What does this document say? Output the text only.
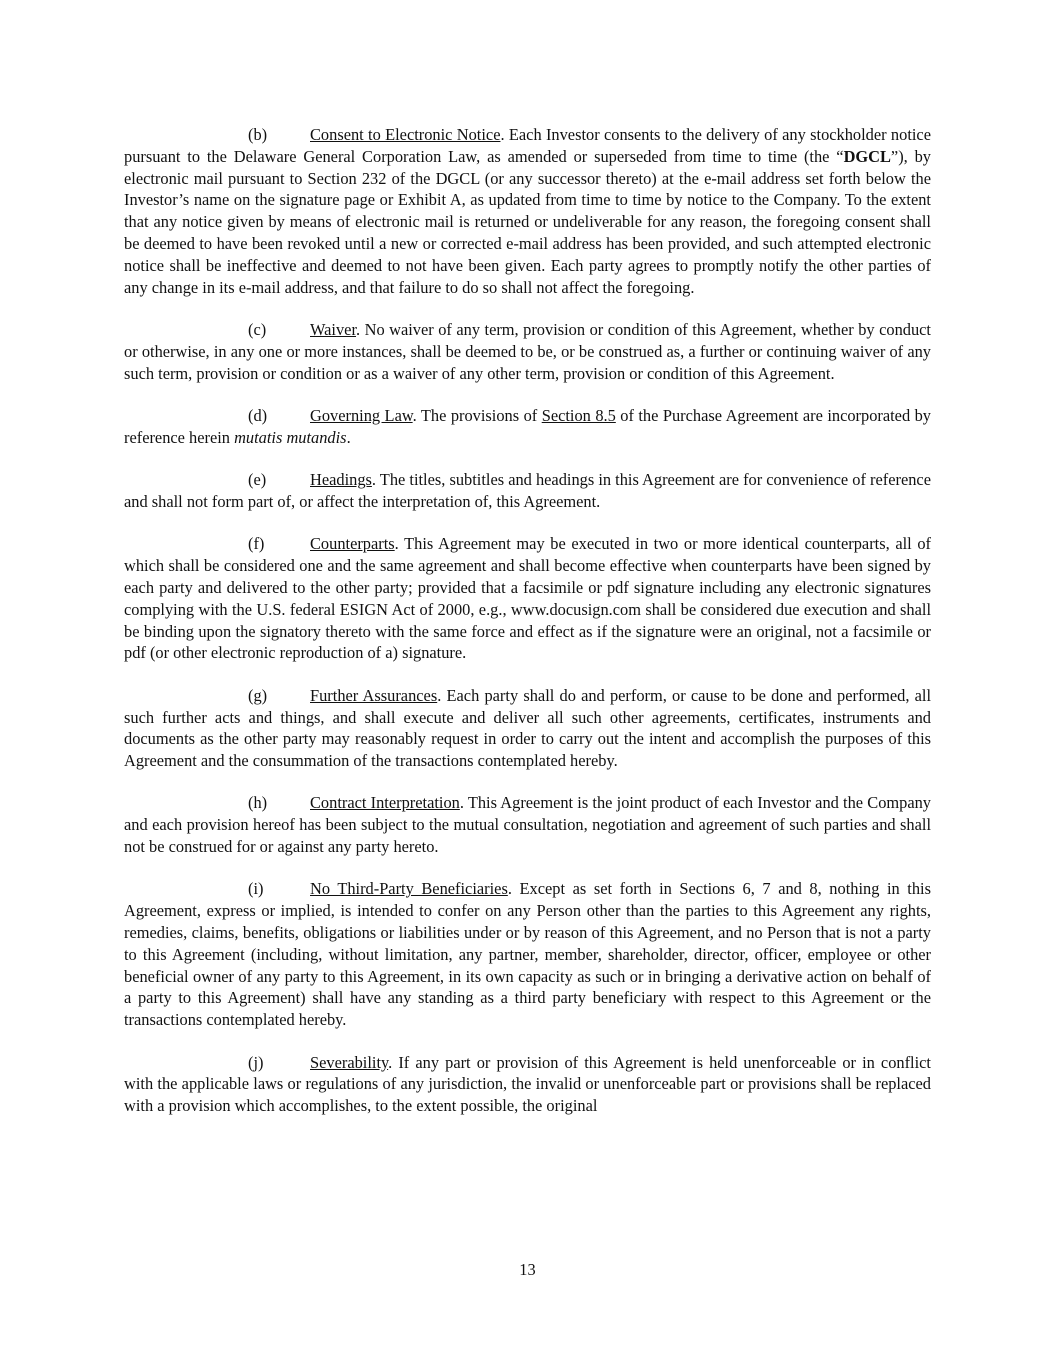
(b)	Consent to Electronic Notice. Each Investor consents to the delivery of any stockholder notice pursuant to the Delaware General Corporation Law, as amended or superseded from time to time (the “DGCL”), by electronic mail pursuant to Section 232 of the DGCL (or any successor thereto) at the e-mail address set forth below the Investor’s name on the signature page or Exhibit A, as updated from time to time by notice to the Company. To the extent that any notice given by means of electronic mail is returned or undeliverable for any reason, the foregoing consent shall be deemed to have been revoked until a new or corrected e-mail address has been provided, and such attempted electronic notice shall be ineffective and deemed to not have been given. Each party agrees to promptly notify the other parties of any change in its e-mail address, and that failure to do so shall not affect the foregoing.

(c)	Waiver. No waiver of any term, provision or condition of this Agreement, whether by conduct or otherwise, in any one or more instances, shall be deemed to be, or be construed as, a further or continuing waiver of any such term, provision or condition or as a waiver of any other term, provision or condition of this Agreement.

(d)	Governing Law. The provisions of Section 8.5 of the Purchase Agreement are incorporated by reference herein mutatis mutandis.

(e)	Headings. The titles, subtitles and headings in this Agreement are for convenience of reference and shall not form part of, or affect the interpretation of, this Agreement.

(f)	Counterparts. This Agreement may be executed in two or more identical counterparts, all of which shall be considered one and the same agreement and shall become effective when counterparts have been signed by each party and delivered to the other party; provided that a facsimile or pdf signature including any electronic signatures complying with the U.S. federal ESIGN Act of 2000, e.g., www.docusign.com shall be considered due execution and shall be binding upon the signatory thereto with the same force and effect as if the signature were an original, not a facsimile or pdf (or other electronic reproduction of a) signature.

(g)	Further Assurances. Each party shall do and perform, or cause to be done and performed, all such further acts and things, and shall execute and deliver all such other agreements, certificates, instruments and documents as the other party may reasonably request in order to carry out the intent and accomplish the purposes of this Agreement and the consummation of the transactions contemplated hereby.

(h)	Contract Interpretation. This Agreement is the joint product of each Investor and the Company and each provision hereof has been subject to the mutual consultation, negotiation and agreement of such parties and shall not be construed for or against any party hereto.

(i)	No Third-Party Beneficiaries. Except as set forth in Sections 6, 7 and 8, nothing in this Agreement, express or implied, is intended to confer on any Person other than the parties to this Agreement any rights, remedies, claims, benefits, obligations or liabilities under or by reason of this Agreement, and no Person that is not a party to this Agreement (including, without limitation, any partner, member, shareholder, director, officer, employee or other beneficial owner of any party to this Agreement, in its own capacity as such or in bringing a derivative action on behalf of a party to this Agreement) shall have any standing as a third party beneficiary with respect to this Agreement or the transactions contemplated hereby.

(j)	Severability. If any part or provision of this Agreement is held unenforceable or in conflict with the applicable laws or regulations of any jurisdiction, the invalid or unenforceable part or provisions shall be replaced with a provision which accomplishes, to the extent possible, the original

13
